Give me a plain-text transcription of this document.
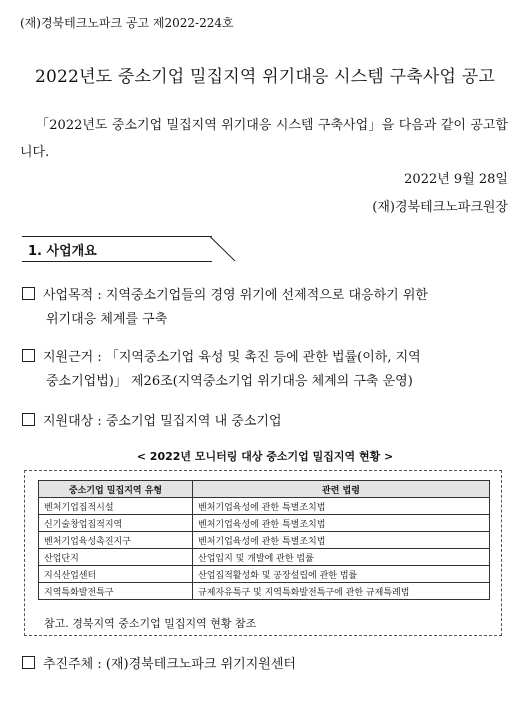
(재)경북테크노파크 공고 제2022-224호
2022년도 중소기업 밀집지역 위기대응 시스템 구축사업 공고
「2022년도 중소기업 밀집지역 위기대응 시스템 구축사업」을 다음과 같이 공고합니다.
2022년 9월 28일
(재)경북테크노파크원장
1. 사업개요
사업목적 : 지역중소기업들의 경영 위기에 선제적으로 대응하기 위한
위기대응 체계를 구축
지원근거 : 「지역중소기업 육성 및 촉진 등에 관한 법률(이하, 지역
중소기업법)」 제26조(지역중소기업 위기대응 체계의 구축 운영)
지원대상 : 중소기업 밀집지역 내 중소기업
< 2022년 모니터링 대상 중소기업 밀집지역 현황 >
중소기업 밀집지역 유형	관련 법령
벤처기업집적시설	벤처기업육성에 관한 특별조치법
신기술창업집적지역	벤처기업육성에 관한 특별조치법
벤처기업육성촉진지구	벤처기업육성에 관한 특별조치법
산업단지	산업입지 및 개발에 관한 법률
지식산업센터	산업집적활성화 및 공장설립에 관한 법률
지역특화발전특구	규제자유특구 및 지역특화발전특구에 관한 규제특례법
참고. 경북지역 중소기업 밀집지역 현황 참조
추진주체 : (재)경북테크노파크 위기지원센터
